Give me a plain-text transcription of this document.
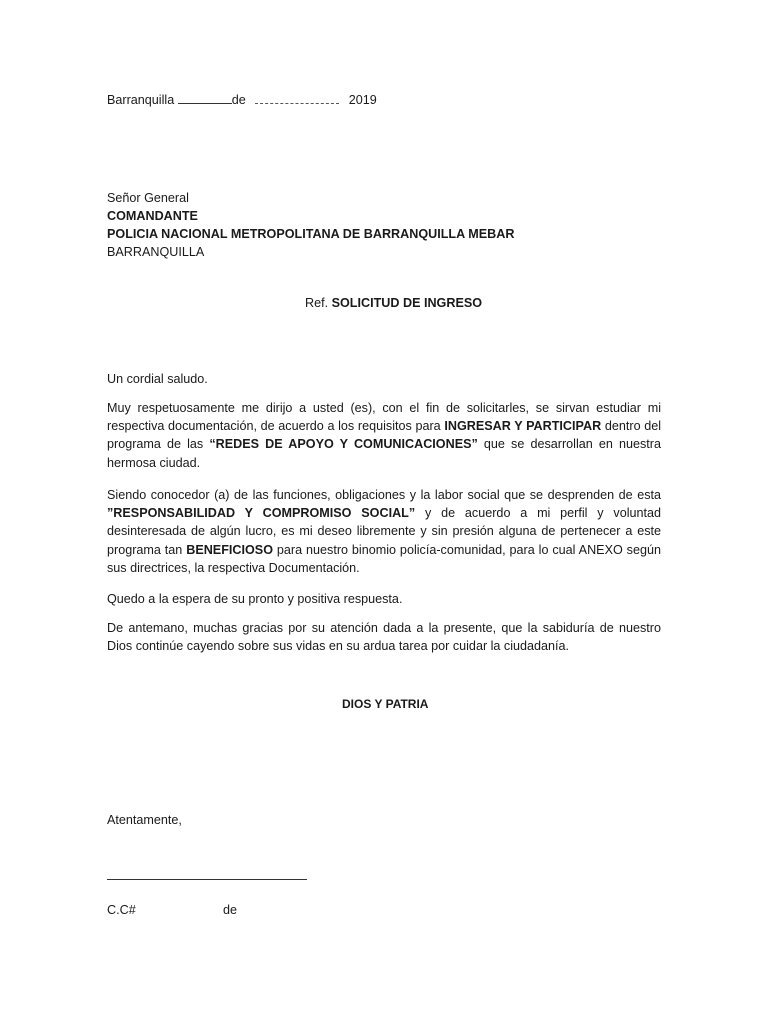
Barranquilla	de	2019
Señor General
COMANDANTE
POLICIA NACIONAL METROPOLITANA DE BARRANQUILLA MEBAR
BARRANQUILLA
Ref. SOLICITUD DE INGRESO
Un cordial saludo.
Muy respetuosamente me dirijo a usted (es), con el fin de solicitarles, se sirvan estudiar mi respectiva documentación, de acuerdo a los requisitos para INGRESAR Y PARTICIPAR dentro del programa de las “REDES DE APOYO Y COMUNICACIONES” que se desarrollan en nuestra hermosa ciudad.
Siendo conocedor (a) de las funciones, obligaciones y la labor social que se desprenden de esta ”RESPONSABILIDAD Y COMPROMISO SOCIAL” y de acuerdo a mi perfil y voluntad desinteresada de algún lucro, es mi deseo libremente y sin presión alguna de pertenecer a este programa tan BENEFICIOSO para nuestro binomio policía-comunidad, para lo cual ANEXO según sus directrices, la respectiva Documentación.
Quedo a la espera de su pronto y positiva respuesta.
De antemano, muchas gracias por su atención dada a la presente, que la sabiduría de nuestro Dios continúe cayendo sobre sus vidas en su ardua tarea por cuidar la ciudadanía.
DIOS Y PATRIA
Atentamente,
C.C#	de
